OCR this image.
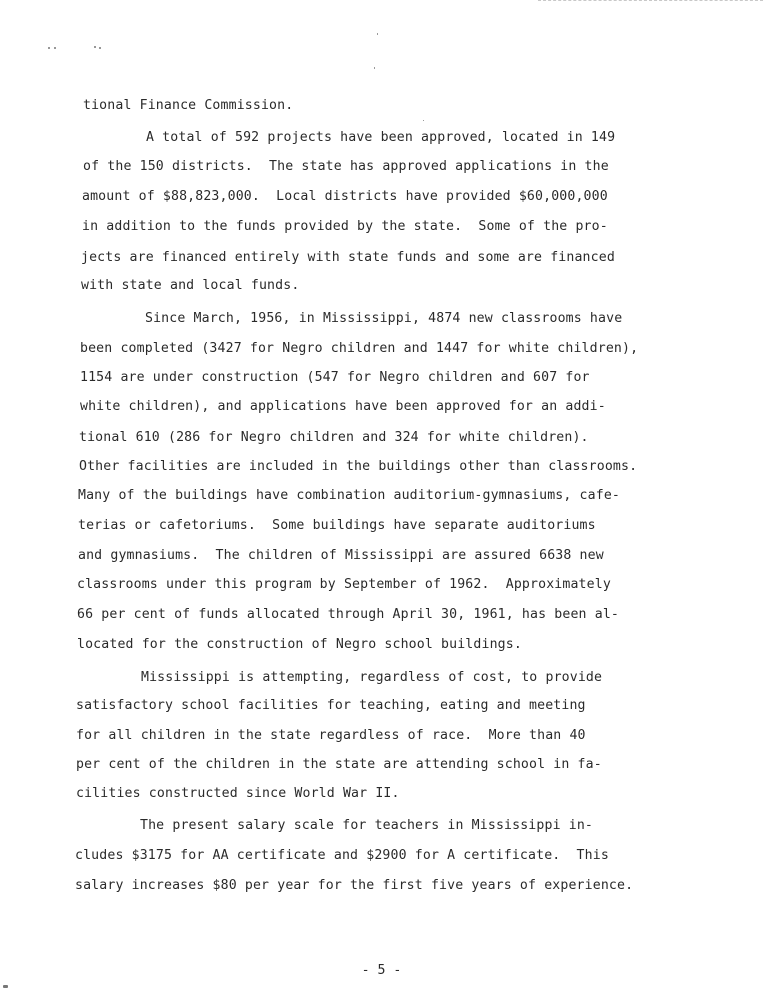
tional Finance Commission.
A total of 592 projects have been approved, located in 149
of the 150 districts.  The state has approved applications in the
amount of $88,823,000.  Local districts have provided $60,000,000
in addition to the funds provided by the state.  Some of the pro-
jects are financed entirely with state funds and some are financed
with state and local funds.
Since March, 1956, in Mississippi, 4874 new classrooms have
been completed (3427 for Negro children and 1447 for white children),
1154 are under construction (547 for Negro children and 607 for
white children), and applications have been approved for an addi-
tional 610 (286 for Negro children and 324 for white children).
Other facilities are included in the buildings other than classrooms.
Many of the buildings have combination auditorium-gymnasiums, cafe-
terias or cafetoriums.  Some buildings have separate auditoriums
and gymnasiums.  The children of Mississippi are assured 6638 new
classrooms under this program by September of 1962.  Approximately
66 per cent of funds allocated through April 30, 1961, has been al-
located for the construction of Negro school buildings.
Mississippi is attempting, regardless of cost, to provide
satisfactory school facilities for teaching, eating and meeting
for all children in the state regardless of race.  More than 40
per cent of the children in the state are attending school in fa-
cilities constructed since World War II.
The present salary scale for teachers in Mississippi in-
cludes $3175 for AA certificate and $2900 for A certificate.  This
salary increases $80 per year for the first five years of experience.
- 5 -
